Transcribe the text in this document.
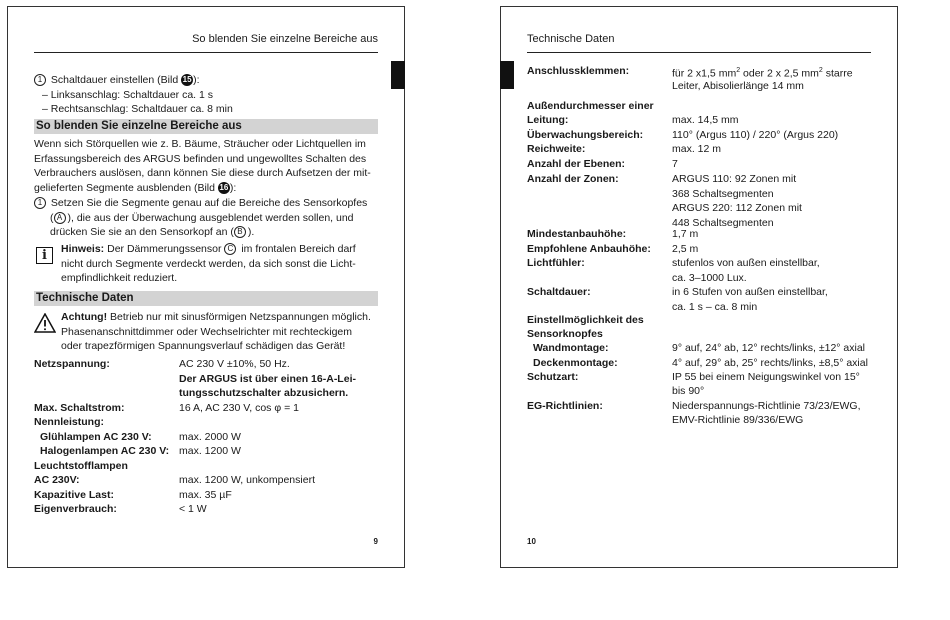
So blenden Sie einzelne Bereiche aus
1 Schaltdauer einstellen (Bild 15 ):
– Linksanschlag: Schaltdauer ca. 1 s
– Rechtsanschlag: Schaltdauer ca. 8 min
So blenden Sie einzelne Bereiche aus
Wenn sich Störquellen wie z. B. Bäume, Sträucher oder Lichtquellen im
Erfassungsbereich des ARGUS befinden und ungewolltes Schalten des
Verbrauchers auslösen, dann können Sie diese durch Aufsetzen der mit-
gelieferten Segmente ausblenden (Bild 16 ):
1 Setzen Sie die Segmente genau auf die Bereiche des Sensorkopfes
( A ), die aus der Überwachung ausgeblendet werden sollen, und
drücken Sie sie an den Sensorkopf an ( B ).
i	Hinweis: Der Dämmerungssensor C im frontalen Bereich darf
nicht durch Segmente verdeckt werden, da sich sonst die Licht-
empfindlichkeit reduziert.
Technische Daten
Achtung! Betrieb nur mit sinusförmigen Netzspannungen möglich.
Phasenanschnittdimmer oder Wechselrichter mit rechteckigem
oder trapezförmigen Spannungsverlauf schädigen das Gerät!
Netzspannung:	AC 230 V ±10%, 50 Hz.
Der ARGUS ist über einen 16-A-Lei-
tungsschutzschalter abzusichern.
Max. Schaltstrom:	16 A, AC 230 V, cos φ = 1
Nennleistung:
Glühlampen AC 230 V:	max. 2000 W
Halogenlampen AC 230 V: max. 1200 W
Leuchtstofflampen
AC 230V:	max. 1200 W, unkompensiert
Kapazitive Last:	max. 35 µF
Eigenverbrauch:	< 1 W
9
Technische Daten
Anschlussklemmen:	für 2 x1,5 $mm^2$ oder 2 x 2,5 $mm^2$ starre
Leiter, Abisolierlänge 14 mm
Außendurchmesser einer
Leitung:	max. 14,5 mm
Überwachungsbereich:	110° (Argus 110) / 220° (Argus 220)
Reichweite:	max. 12 m
Anzahl der Ebenen:	7
Anzahl der Zonen:	ARGUS 110: 92 Zonen mit
368 Schaltsegmenten
ARGUS 220: 112 Zonen mit
448 Schaltsegmenten
Mindestanbauhöhe:	1,7 m
Empfohlene Anbauhöhe: 2,5 m
Lichtfühler:	stufenlos von außen einstellbar,
ca. 3–1000 Lux.
Schaltdauer:	in 6 Stufen von außen einstellbar,
ca. 1 s – ca. 8 min
Einstellmöglichkeit des
Sensorknopfes
Wandmontage:	9° auf, 24° ab, 12° rechts/links, ±12° axial
Deckenmontage:	4° auf, 29° ab, 25° rechts/links, ±8,5° axial
Schutzart:	IP 55 bei einem Neigungswinkel von 15°
bis 90°
EG-Richtlinien:	Niederspannungs-Richtlinie 73/23/EWG,
EMV-Richtlinie 89/336/EWG
10
